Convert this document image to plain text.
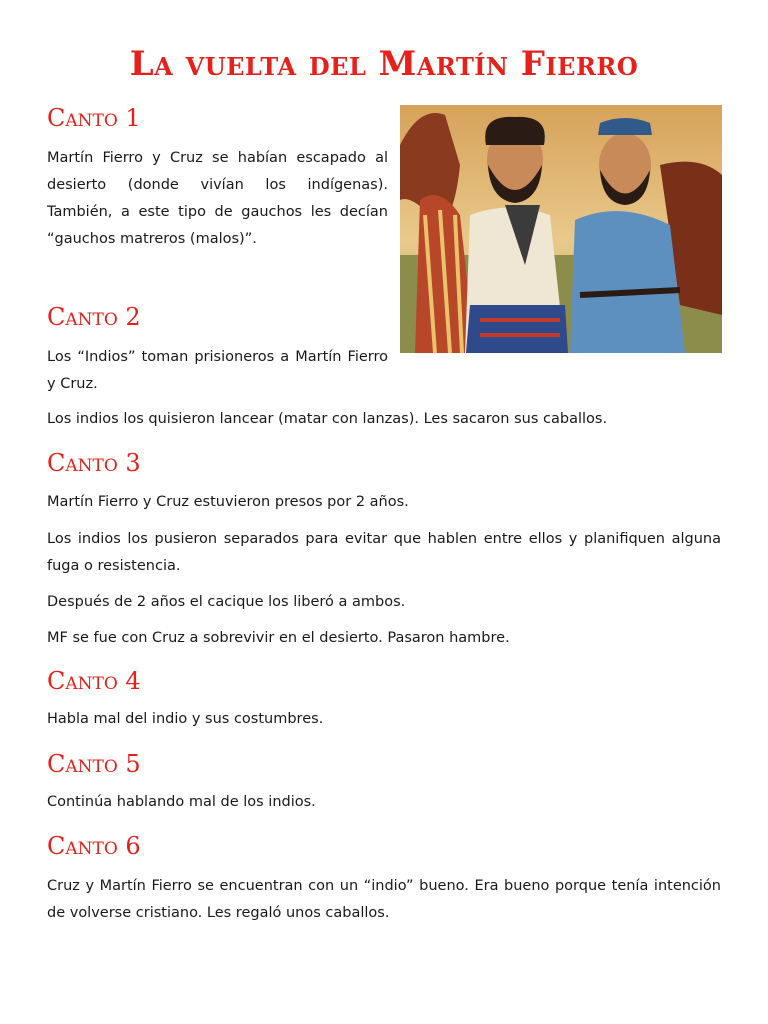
La vuelta del Martín Fierro
Canto 1

Martín Fierro y Cruz se habían escapado al desierto (donde vivían los indígenas). También, a este tipo de gauchos les decían “gauchos matreros (malos)”.

Canto 2

Los “Indios” toman prisioneros a Martín Fierro y Cruz.

Los indios los quisieron lancear (matar con lanzas). Les sacaron sus caballos.

Canto 3

Martín Fierro y Cruz estuvieron presos por 2 años.

Los indios los pusieron separados para evitar que hablen entre ellos y planifiquen alguna fuga o resistencia.

Después de 2 años el cacique los liberó a ambos.

MF se fue con Cruz a sobrevivir en el desierto. Pasaron hambre.

Canto 4

Habla mal del indio y sus costumbres.

Canto 5

Continúa hablando mal de los indios.

Canto 6

Cruz y Martín Fierro se encuentran con un “indio” bueno. Era bueno porque tenía intención de volverse cristiano. Les regaló unos caballos.
